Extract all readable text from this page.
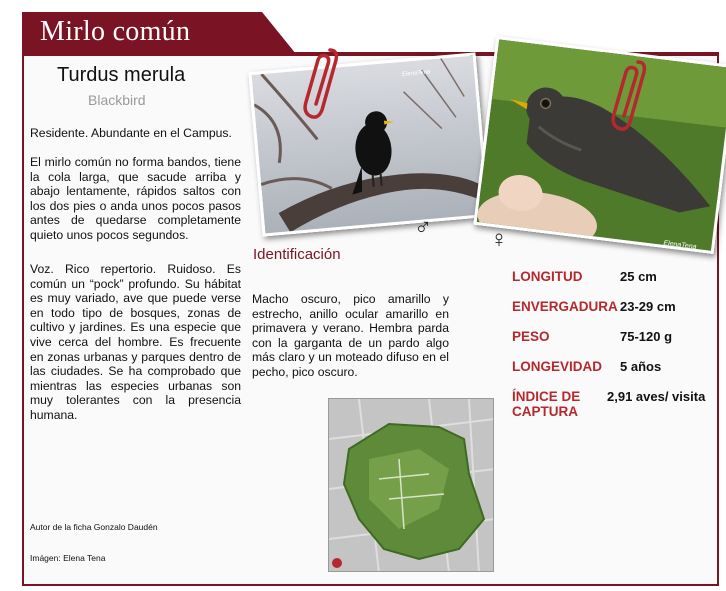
Mirlo común
Turdus merula
Blackbird
Residente. Abundante en el Campus.
El mirlo común no forma bandos, tiene la cola larga, que sacude arriba y abajo lentamente, rápidos saltos con los dos pies o anda unos pocos pasos antes de quedarse completamente quieto unos pocos segundos.
Voz. Rico repertorio. Ruidoso. Es común un “pock” profundo. Su hábitat es muy variado, ave que puede verse en todo tipo de bosques, zonas de cultivo y jardines. Es una especie que vive cerca del hombre. Es frecuente en zonas urbanas y parques dentro de las ciudades. Se ha comprobado que mientras las especies urbanas son muy tolerantes con la presencia humana.
Autor de la ficha Gonzalo Daudén
Imágen: Elena Tena
ElenaTena
ElenaTena
♂ ♀
Identificación
Macho oscuro, pico amarillo y estrecho, anillo ocular amarillo en primavera y verano. Hembra parda con la garganta de un pardo algo más claro y un moteado difuso en el pecho, pico oscuro.
LONGITUD	25 cm
ENVERGADURA 23-29 cm
PESO	75-120 g
LONGEVIDAD 5 años
ÍNDICE DE CAPTURA
2,91 aves/ visita
